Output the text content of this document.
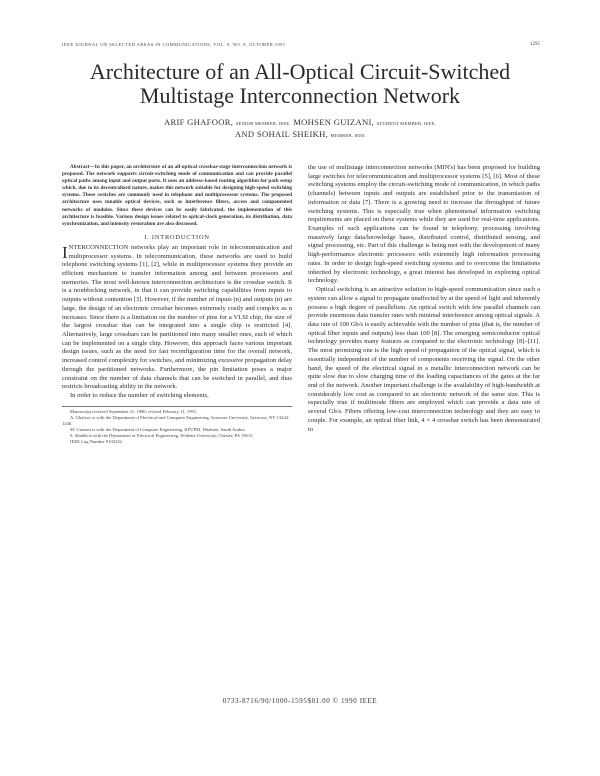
IEEE JOURNAL ON SELECTED AREAS IN COMMUNICATIONS, VOL. 9, NO. 8, OCTOBER 1991	1295
Architecture of an All-Optical Circuit-Switched
Multistage Interconnection Network
ARIF GHAFOOR, SENIOR MEMBER, IEEE, MOHSEN GUIZANI, STUDENT MEMBER, IEEE,
AND SOHAIL SHEIKH, MEMBER, IEEE

Abstract—In this paper, an architecture of an all-optical crossbar-stage interconnection network is proposed. The network supports circuit-switching mode of communication and can provide parallel optical paths among input and output ports. It uses an address-based routing algorithm for path setup which, due to its decentralized nature, makes this network suitable for designing high-speed switching systems. These switches are commonly used in telephone and multiprocessor systems. The proposed architecture uses tunable optical devices, such as interference filters, access and componented networks of modules. Since these devices can be easily fabricated, the implementation of this architecture is feasible. Various design issues related to optical-clock generation, its distribution, data synchronization, and intensity restoration are also discussed.

I. INTRODUCTION

INTERCONNECTION networks play an important role in telecommunication and multiprocessor systems. In telecommunication, these networks are used to build telephone switching systems [1], [2], while in multiprocessor systems they provide an efficient mechanism to transfer information among and between processors and memories. The most well-known interconnection architecture is the crossbar switch. It is a nonblocking network, in that it can provide switching capabilities from inputs to outputs without contention [3]. However, if the number of inputs (n) and outputs (n) are large, the design of an electronic crossbar becomes extremely costly and complex as n increases. Since there is a limitation on the number of pins for a VLSI chip, the size of the largest crossbar that can be integrated into a single chip is restricted [4]. Alternatively, large crossbars can be partitioned into many smaller ones, each of which can be implemented on a single chip. However, this approach faces various important design issues, such as the need for fast reconfiguration time for the overall network, increased control complexity for switches, and minimizing excessive propagation delay through the partitioned networks. Furthermore, the pin limitation poses a major constraint on the number of data channels that can be switched in parallel, and thus restricts broadcasting ability in the network.

In order to reduce the number of switching elements,

Manuscript received September 21, 1990; revised February 11, 1991.

A. Ghafoor is with the Department of Electrical and Computer Engineering, Syracuse University, Syracuse, NY 13244-1240.

M. Guizani is with the Department of Computer Engineering, KFUPM, Dhahran, Saudi Arabia.

S. Sheikh is with the Department of Electrical Engineering, Widener University, Chester, PA 19013.

IEEE Log Number 9102232.

the use of multistage interconnection networks (MIN's) has been proposed for building large switches for telecommunication and multiprocessor systems [5], [6]. Most of these switching systems employ the circuit-switching mode of communication, in which paths (channels) between inputs and outputs are established prior to the transmission of information or data [7]. There is a growing need to increase the throughput of future switching systems. This is especially true when phenomenal information switching requirements are placed on these systems while they are used for real-time applications. Examples of such applications can be found in telephony, processing involving massively large data/knowledge bases, distributed control, distributed sensing, and signal processing, etc. Part of this challenge is being met with the development of many high-performance electronic processors with extremely high information processing rates. In order to design high-speed switching systems and to overcome the limitations inherited by electronic technology, a great interest has developed in exploring optical technology.

Optical switching is an attractive solution to high-speed communication since such a system can allow a signal to propagate unaffected by at the speed of light and inherently possess a high degree of parallelism. An optical switch with few parallel channels can provide enormous data transfer rates with minimal interference among optical signals. A data rate of 100 Gb/s is easily achievable with the number of pins (that is, the number of optical fiber inputs and outputs) less than 100 [8]. The emerging semiconductor optical technology provides many features as compared to the electronic technology [8]–[11]. The most promising one is the high speed of propagation of the optical signal, which is essentially independent of the number of components receiving the signal. On the other hand, the speed of the electrical signal in a metallic interconnection network can be quite slow due to slow charging time of the loading capacitances of the gates at the far end of the network. Another important challenge is the availability of high-bandwidth at considerably low cost as compared to an electronic network of the same size. This is especially true if multimode fibers are employed which can provide a data rate of several Gb/s. Fibers offering low-cost interconnection technology and they are easy to couple. For example, an optical fiber link, 4 × 4 crossbar switch has been demonstrated to

0733-8716/90/1000-1595$01.00 © 1990 IEEE
